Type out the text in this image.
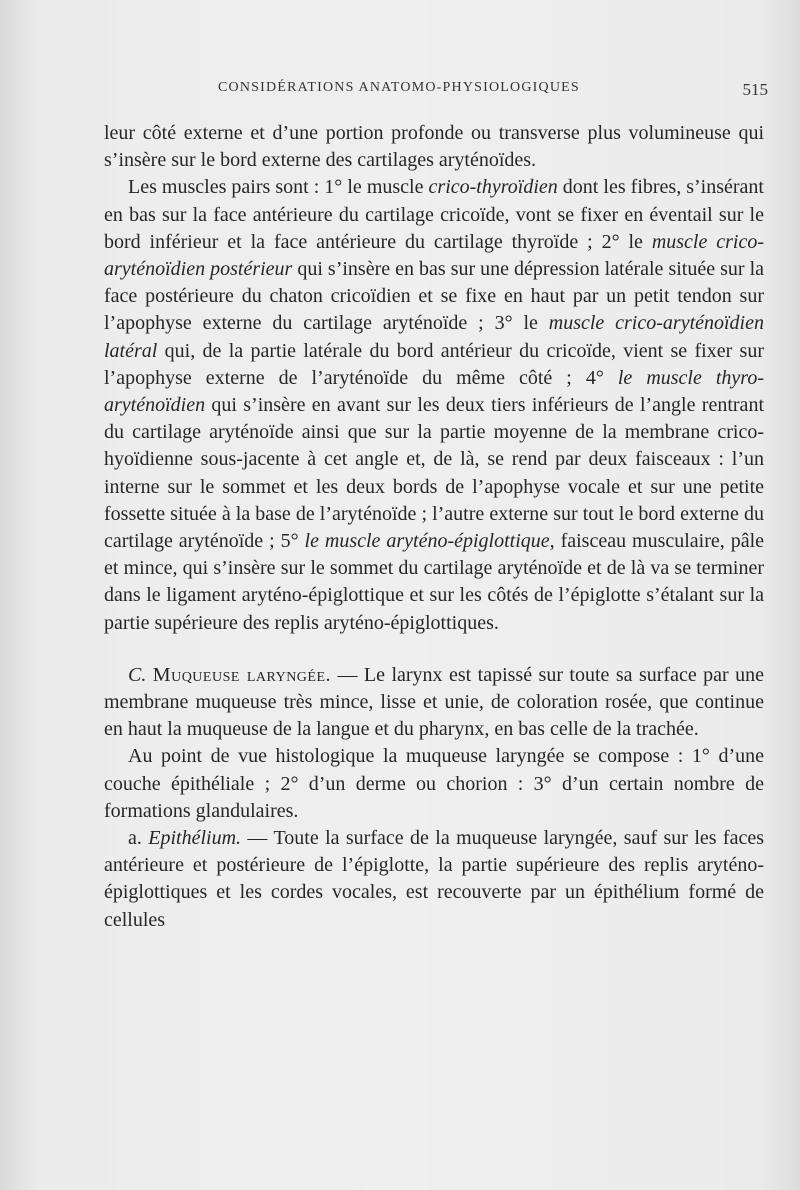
CONSIDÉRATIONS ANATOMO-PHYSIOLOGIQUES	515

leur côté externe et d’une portion profonde ou transverse plus volumineuse qui s’insère sur le bord externe des cartilages aryténoïdes.

Les muscles pairs sont : 1° le muscle crico-thyroïdien dont les fibres, s’insérant en bas sur la face antérieure du cartilage cricoïde, vont se fixer en éventail sur le bord inférieur et la face antérieure du cartilage thyroïde ; 2° le muscle crico-aryténoïdien postérieur qui s’insère en bas sur une dépression latérale située sur la face postérieure du chaton cricoïdien et se fixe en haut par un petit tendon sur l’apophyse externe du cartilage aryténoïde ; 3° le muscle crico-aryténoïdien latéral qui, de la partie latérale du bord antérieur du cricoïde, vient se fixer sur l’apophyse externe de l’aryténoïde du même côté ; 4° le muscle thyro-aryténoïdien qui s’insère en avant sur les deux tiers inférieurs de l’angle rentrant du cartilage aryténoïde ainsi que sur la partie moyenne de la membrane crico-hyoïdienne sous-jacente à cet angle et, de là, se rend par deux faisceaux : l’un interne sur le sommet et les deux bords de l’apophyse vocale et sur une petite fossette située à la base de l’aryténoïde ; l’autre externe sur tout le bord externe du cartilage aryténoïde ; 5° le muscle aryténo-épiglottique, faisceau musculaire, pâle et mince, qui s’insère sur le sommet du cartilage aryténoïde et de là va se terminer dans le ligament aryténo-épiglottique et sur les côtés de l’épiglotte s’étalant sur la partie supérieure des replis aryténo-épiglottiques.

C. Muqueuse laryngée. — Le larynx est tapissé sur toute sa surface par une membrane muqueuse très mince, lisse et unie, de coloration rosée, que continue en haut la muqueuse de la langue et du pharynx, en bas celle de la trachée.

Au point de vue histologique la muqueuse laryngée se compose : 1° d’une couche épithéliale ; 2° d’un derme ou chorion : 3° d’un certain nombre de formations glandulaires.

a. Epithélium. — Toute la surface de la muqueuse laryngée, sauf sur les faces antérieure et postérieure de l’épiglotte, la partie supérieure des replis aryténo-épiglottiques et les cordes vocales, est recouverte par un épithélium formé de cellules
